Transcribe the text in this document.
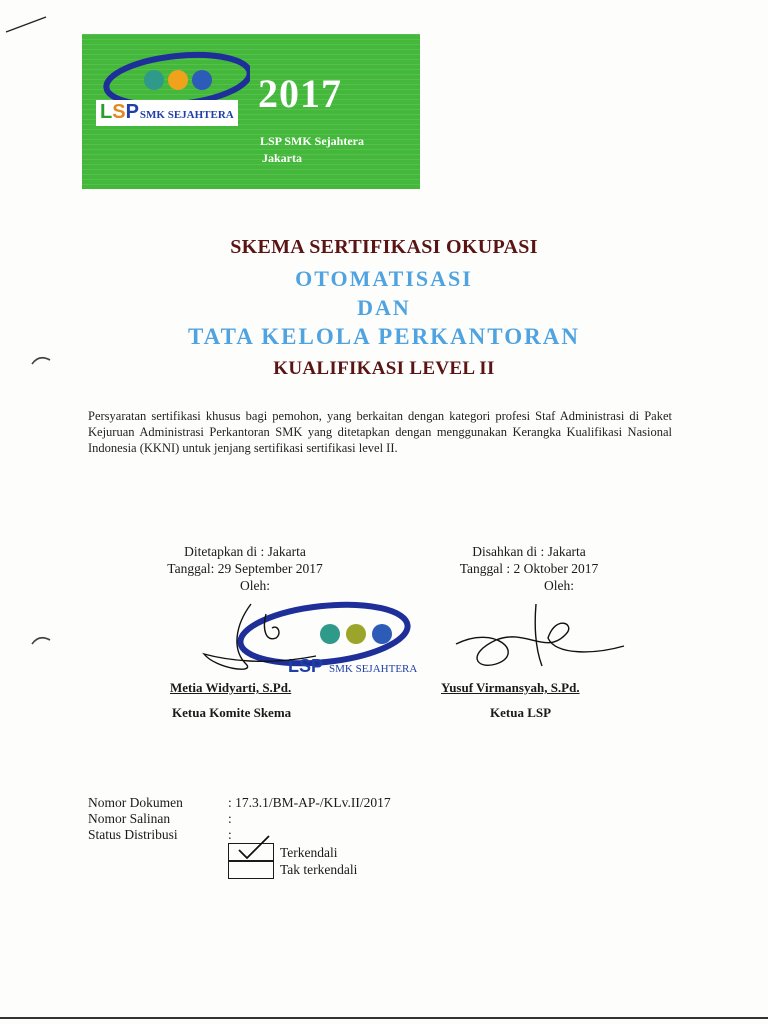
LSP SMK SEJAHTERA 2017
LSP SMK Sejahtera
Jakarta
SKEMA SERTIFIKASI OKUPASI
OTOMATISASI
DAN
TATA KELOLA PERKANTORAN
KUALIFIKASI LEVEL II
Persyaratan sertifikasi khusus bagi pemohon, yang berkaitan dengan kategori profesi Staf Administrasi di Paket Kejuruan Administrasi Perkantoran SMK yang ditetapkan dengan menggunakan Kerangka Kualifikasi Nasional Indonesia (KKNI) untuk jenjang sertifikasi sertifikasi level II.
Ditetapkan di : Jakarta
Tanggal: 29 September 2017
Oleh:
Disahkan di : Jakarta
Tanggal : 2 Oktober 2017
Oleh:
LSP SMK SEJAHTERA
Metia Widyarti, S.Pd.
Ketua Komite Skema
Yusuf Virmansyah, S.Pd.
Ketua LSP
Nomor Dokumen	: 17.3.1/BM-AP-/KLv.II/2017
Nomor Salinan	:
Status Distribusi	:
Terkendali
Tak terkendali
